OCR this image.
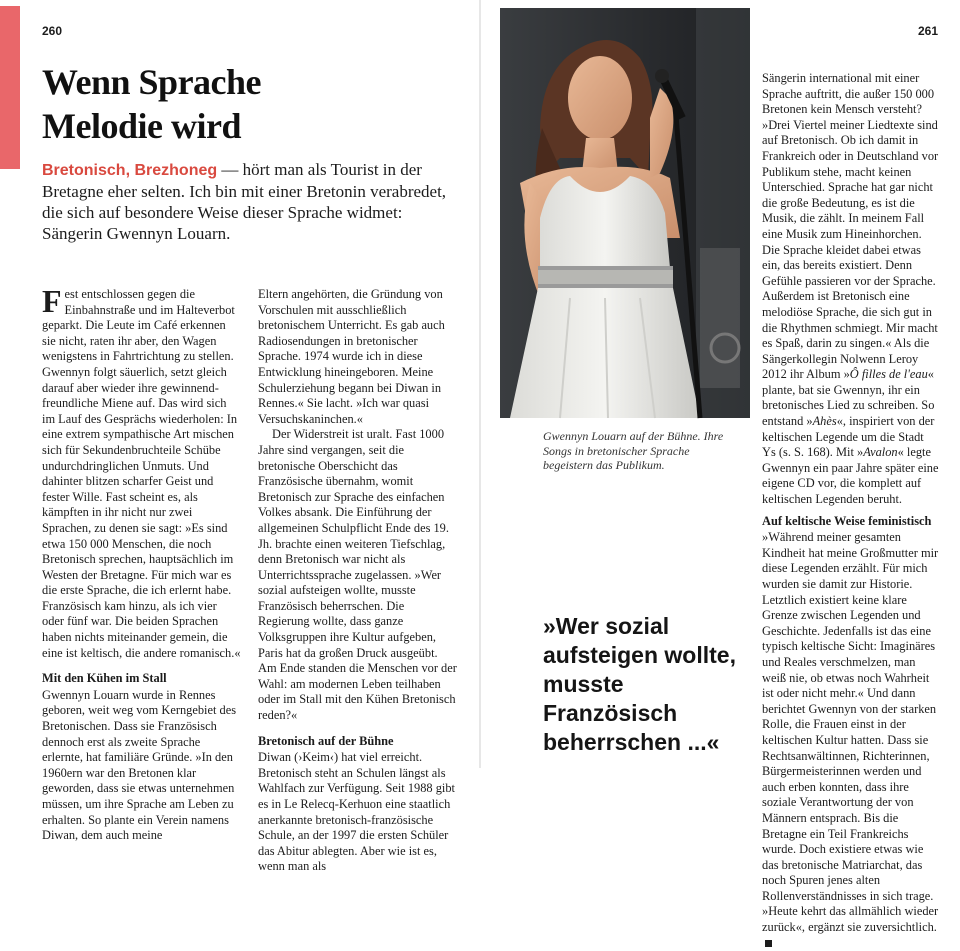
260
Wenn Sprache
Melodie wird

Bretonisch, Brezhoneg — hört man als Tourist in der Bretagne eher selten. Ich bin mit einer Bretonin verabredet, die sich auf besondere Weise dieser Sprache widmet: Sängerin Gwennyn Louarn.

Fest entschlossen gegen die Einbahnstraße und im Halteverbot geparkt. Die Leute im Café erkennen sie nicht, raten ihr aber, den Wagen wenigstens in Fahrtrichtung zu stellen. Gwennyn folgt säuerlich, setzt gleich darauf aber wieder ihre gewinnend-freundliche Miene auf. Das wird sich im Lauf des Gesprächs wiederholen: In eine extrem sympathische Art mischen sich für Sekundenbruchteile Schübe undurchdringlichen Unmuts. Und dahinter blitzen scharfer Geist und fester Wille. Fast scheint es, als kämpften in ihr nicht nur zwei Sprachen, zu denen sie sagt: »Es sind etwa 150 000 Menschen, die noch Bretonisch sprechen, hauptsächlich im Westen der Bretagne. Für mich war es die erste Sprache, die ich erlernt habe. Französisch kam hinzu, als ich vier oder fünf war. Die beiden Sprachen haben nichts miteinander gemein, die eine ist keltisch, die andere romanisch.«

Mit den Kühen im Stall

Gwennyn Louarn wurde in Rennes geboren, weit weg vom Kerngebiet des Bretonischen. Dass sie Französisch dennoch erst als zweite Sprache erlernte, hat familiäre Gründe. »In den 1960ern war den Bretonen klar geworden, dass sie etwas unternehmen müssen, um ihre Sprache am Leben zu erhalten. So plante ein Verein namens Diwan, dem auch meine

Eltern angehörten, die Gründung von Vorschulen mit ausschließlich bretonischem Unterricht. Es gab auch Radiosendungen in bretonischer Sprache. 1974 wurde ich in diese Entwicklung hineingeboren. Meine Schulerziehung begann bei Diwan in Rennes.« Sie lacht. »Ich war quasi Versuchskaninchen.«

Der Widerstreit ist uralt. Fast 1000 Jahre sind vergangen, seit die bretonische Oberschicht das Französische übernahm, womit Bretonisch zur Sprache des einfachen Volkes absank. Die Einführung der allgemeinen Schulpflicht Ende des 19. Jh. brachte einen weiteren Tiefschlag, denn Bretonisch war nicht als Unterrichtssprache zugelassen. »Wer sozial aufsteigen wollte, musste Französisch beherrschen. Die Regierung wollte, dass ganze Volksgruppen ihre Kultur aufgeben, Paris hat da großen Druck ausgeübt. Am Ende standen die Menschen vor der Wahl: am modernen Leben teilhaben oder im Stall mit den Kühen Bretonisch reden?«

Bretonisch auf der Bühne

Diwan (›Keim‹) hat viel erreicht. Bretonisch steht an Schulen längst als Wahlfach zur Verfügung. Seit 1988 gibt es in Le Relecq-Kerhuon eine staatlich anerkannte bretonisch-französische Schule, an der 1997 die ersten Schüler das Abitur ablegten. Aber wie ist es, wenn man als

261

Gwennyn Louarn auf der Bühne. Ihre Songs in bretonischer Sprache begeistern das Publikum.

»Wer sozial aufsteigen wollte, musste Französisch beherrschen ...«

Sängerin international mit einer Sprache auftritt, die außer 150 000 Bretonen kein Mensch versteht? »Drei Viertel meiner Liedtexte sind auf Bretonisch. Ob ich damit in Frankreich oder in Deutschland vor Publikum stehe, macht keinen Unterschied. Sprache hat gar nicht die große Bedeutung, es ist die Musik, die zählt. In meinem Fall eine Musik zum Hineinhorchen. Die Sprache kleidet dabei etwas ein, das bereits existiert. Denn Gefühle passieren vor der Sprache. Außerdem ist Bretonisch eine melodiöse Sprache, die sich gut in die Rhythmen schmiegt. Mir macht es Spaß, darin zu singen.« Als die Sängerkollegin Nolwenn Leroy 2012 ihr Album »Ô filles de l'eau« plante, bat sie Gwennyn, ihr ein bretonisches Lied zu schreiben. So entstand »Ahès«, inspiriert von der keltischen Legende um die Stadt Ys (s. S. 168). Mit »Avalon« legte Gwennyn ein paar Jahre später eine eigene CD vor, die komplett auf keltischen Legenden beruht.

Auf keltische Weise feministisch

»Während meiner gesamten Kindheit hat meine Großmutter mir diese Legenden erzählt. Für mich wurden sie damit zur Historie. Letztlich existiert keine klare Grenze zwischen Legenden und Geschichte. Jedenfalls ist das eine typisch keltische Sicht: Imaginäres und Reales verschmelzen, man weiß nie, ob etwas noch Wahrheit ist oder nicht mehr.« Und dann berichtet Gwennyn von der starken Rolle, die Frauen einst in der keltischen Kultur hatten. Dass sie Rechtsanwältinnen, Richterinnen, Bürgermeisterinnen werden und auch erben konnten, dass ihre soziale Verantwortung der von Männern entsprach. Bis die Bretagne ein Teil Frankreichs wurde. Doch existiere etwas wie das bretonische Matriarchat, das noch Spuren jenes alten Rollenverständnisses in sich trage. »Heute kehrt das allmählich wieder zurück«, ergänzt sie zuversichtlich.
